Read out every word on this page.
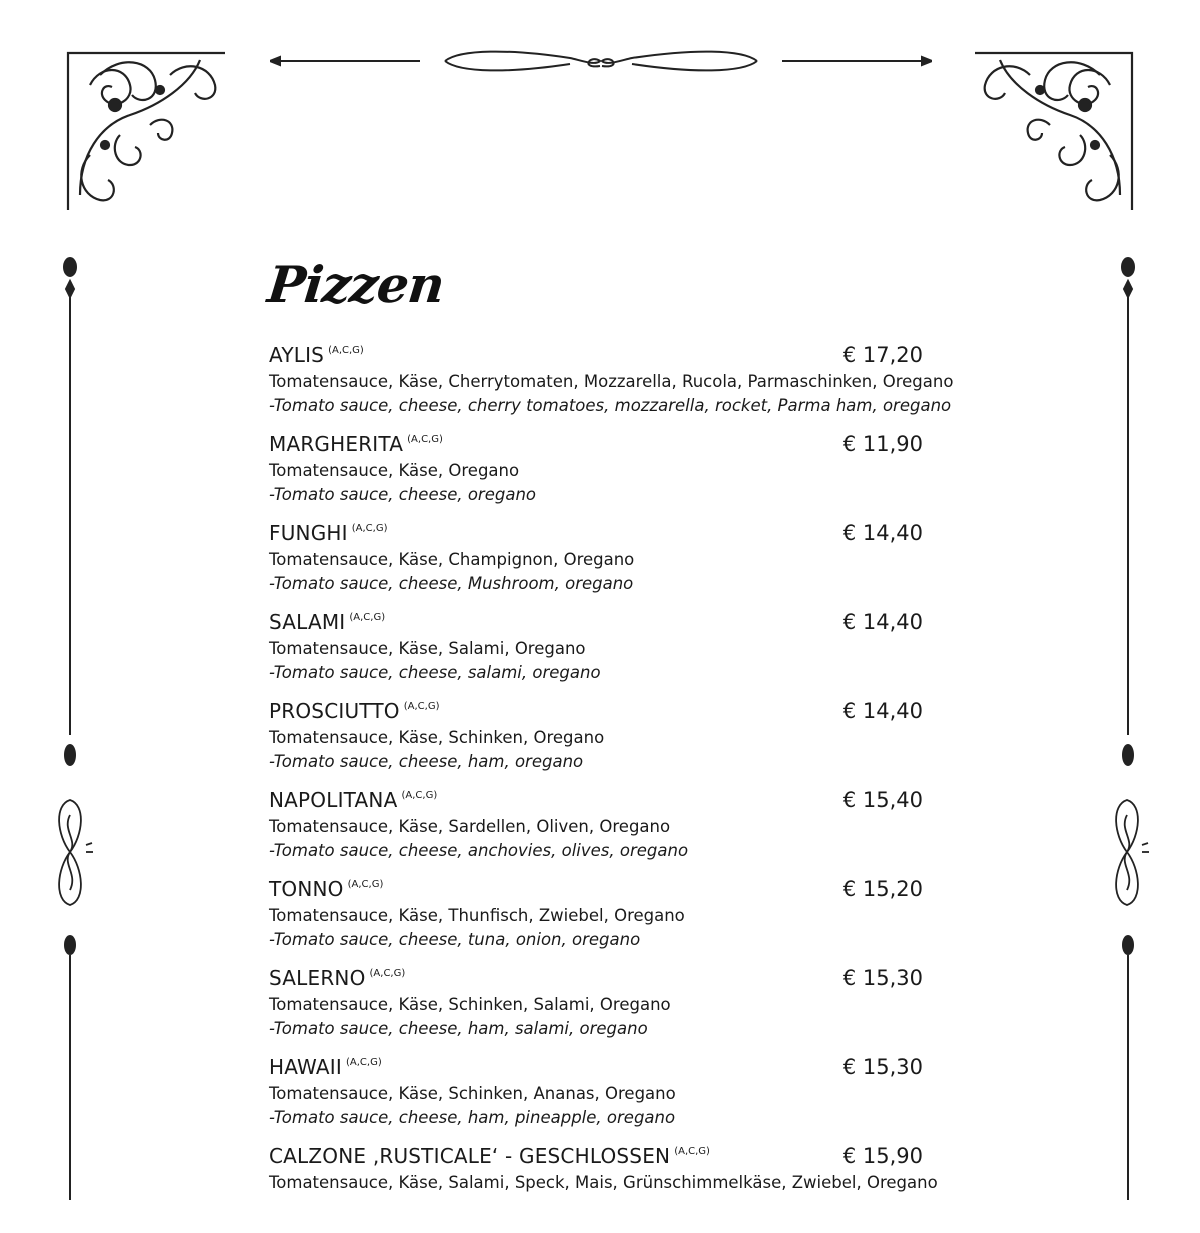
Pizzen
AYLIS $^{(A,C,G)}$	€ 17,20
Tomatensauce, Käse, Cherrytomaten, Mozzarella, Rucola, Parmaschinken, Oregano
-Tomato sauce, cheese, cherry tomatoes, mozzarella, rocket, Parma ham, oregano
MARGHERITA $^{(A,C,G)}$	€ 11,90
Tomatensauce, Käse, Oregano
-Tomato sauce, cheese, oregano
FUNGHI $^{(A,C,G)}$	€ 14,40
Tomatensauce, Käse, Champignon, Oregano
-Tomato sauce, cheese, Mushroom, oregano
SALAMI $^{(A,C,G)}$	€ 14,40
Tomatensauce, Käse, Salami, Oregano
-Tomato sauce, cheese, salami, oregano
PROSCIUTTO $^{(A,C,G)}$	€ 14,40
Tomatensauce, Käse, Schinken, Oregano
-Tomato sauce, cheese, ham, oregano
NAPOLITANA $^{(A,C,G)}$	€ 15,40
Tomatensauce, Käse, Sardellen, Oliven, Oregano
-Tomato sauce, cheese, anchovies, olives, oregano
TONNO $^{(A,C,G)}$	€ 15,20
Tomatensauce, Käse, Thunfisch, Zwiebel, Oregano
-Tomato sauce, cheese, tuna, onion, oregano
SALERNO $^{(A,C,G)}$	€ 15,30
Tomatensauce, Käse, Schinken, Salami, Oregano
-Tomato sauce, cheese, ham, salami, oregano
HAWAII $^{(A,C,G)}$	€ 15,30
Tomatensauce, Käse, Schinken, Ananas, Oregano
-Tomato sauce, cheese, ham, pineapple, oregano
CALZONE ‚RUSTICALE‘ - GESCHLOSSEN $^{(A,C,G)}$	€ 15,90
Tomatensauce, Käse, Salami, Speck, Mais, Grünschimmelkäse, Zwiebel, Oregano
